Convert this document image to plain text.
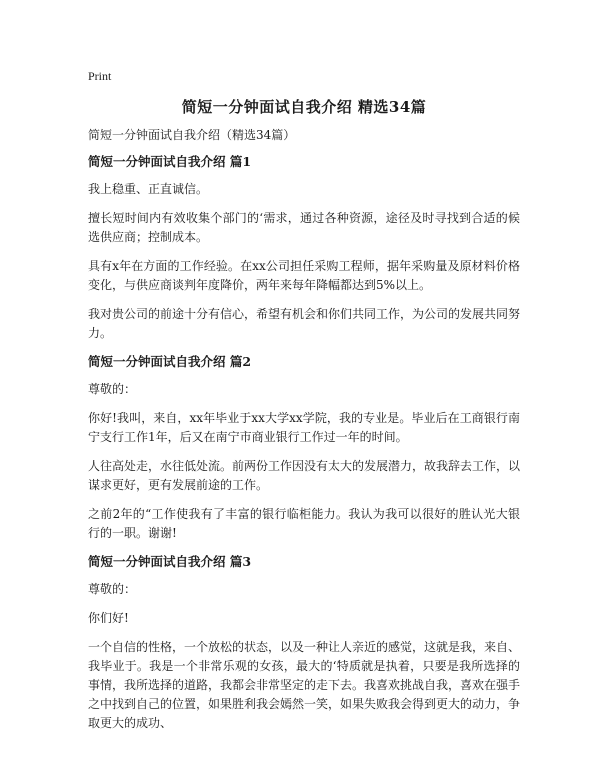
Print
简短一分钟面试自我介绍 精选34篇
简短一分钟面试自我介绍（精选34篇）
简短一分钟面试自我介绍 篇1

我上稳重、正直诚信。

擅长短时间内有效收集个部门的‘需求，通过各种资源，途径及时寻找到合适的候选供应商；控制成本。

具有x年在方面的工作经验。在xx公司担任采购工程师，据年采购量及原材料价格变化，与供应商谈判年度降价，两年来每年降幅都达到5%以上。

我对贵公司的前途十分有信心，希望有机会和你们共同工作，为公司的发展共同努力。

简短一分钟面试自我介绍 篇2

尊敬的：

你好!我叫，来自，xx年毕业于xx大学xx学院，我的专业是。毕业后在工商银行南宁支行工作1年，后又在南宁市商业银行工作过一年的时间。

人往高处走，水往低处流。前两份工作因没有太大的发展潜力，故我辞去工作，以谋求更好，更有发展前途的工作。

之前2年的“工作使我有了丰富的银行临柜能力。我认为我可以很好的胜认光大银行的一职。谢谢!

简短一分钟面试自我介绍 篇3

尊敬的：

你们好!

一个自信的性格，一个放松的状态，以及一种让人亲近的感觉，这就是我，来自、我毕业于。我是一个非常乐观的女孩，最大的‘特质就是执着，只要是我所选择的事情，我所选择的道路，我都会非常坚定的走下去。我喜欢挑战自我，喜欢在强手之中找到自己的位置，如果胜利我会嫣然一笑，如果失败我会得到更大的动力，争取更大的成功、
